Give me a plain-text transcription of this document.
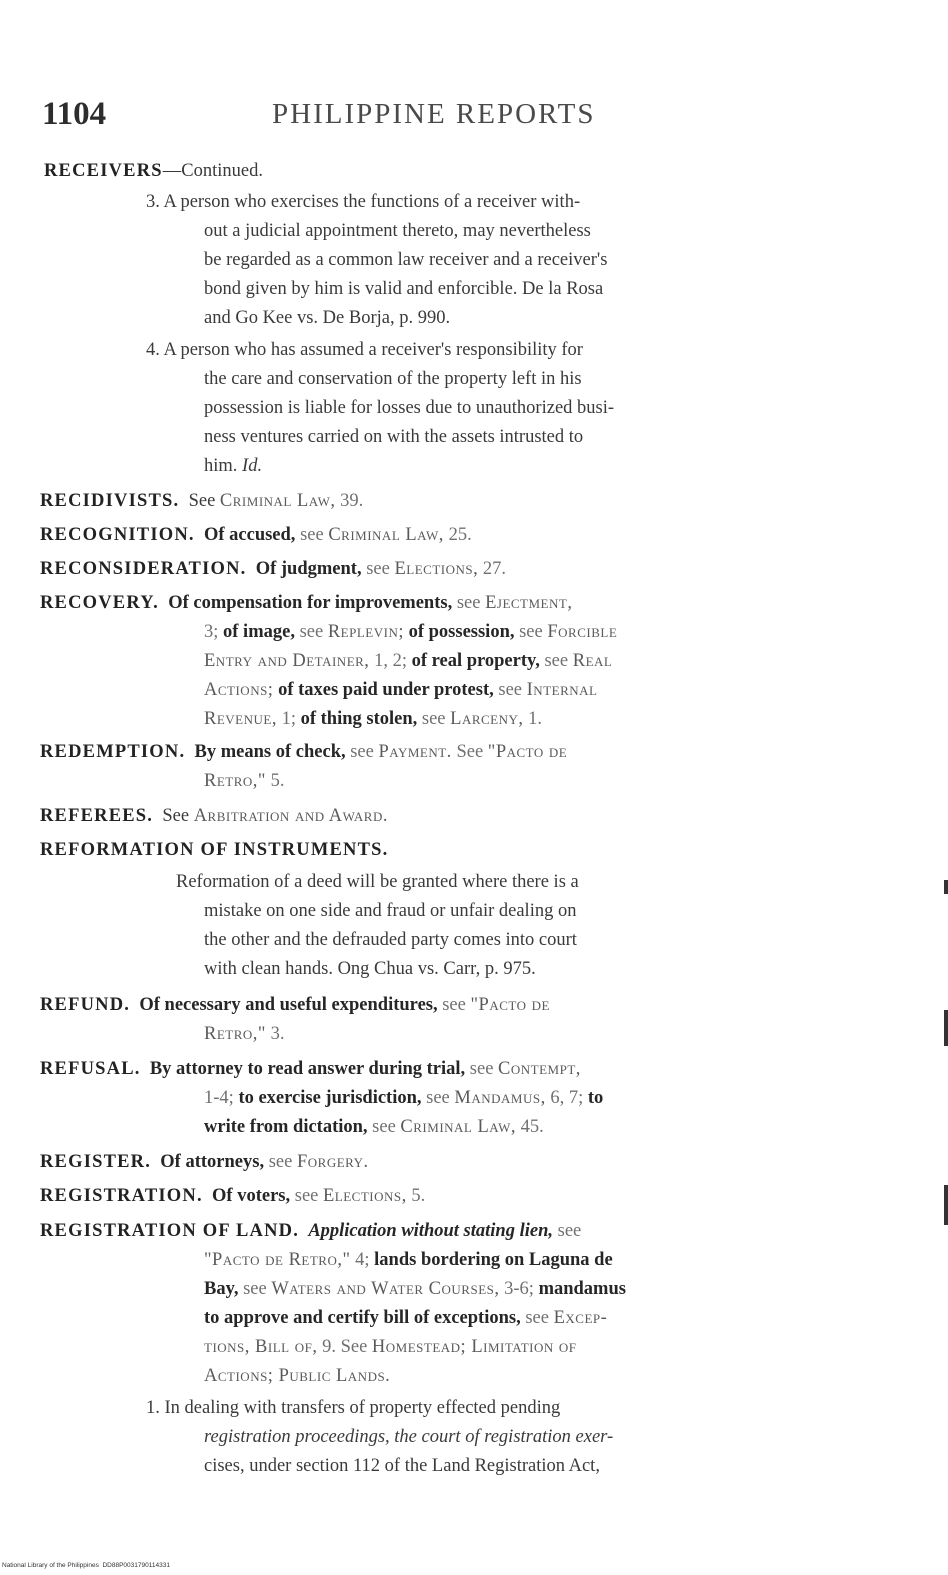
1104	PHILIPPINE REPORTS
RECEIVERS—Continued.
3. A person who exercises the functions of a receiver with-
out a judicial appointment thereto, may nevertheless
be regarded as a common law receiver and a receiver's
bond given by him is valid and enforcible. De la Rosa
and Go Kee vs. De Borja, p. 990.
4. A person who has assumed a receiver's responsibility for
the care and conservation of the property left in his
possession is liable for losses due to unauthorized busi-
ness ventures carried on with the assets intrusted to
him. Id.
RECIDIVISTS. See Criminal Law, 39.
RECOGNITION. Of accused, see Criminal Law, 25.
RECONSIDERATION. Of judgment, see Elections, 27.
RECOVERY. Of compensation for improvements, see Ejectment,
3; of image, see Replevin; of possession, see Forcible
Entry and Detainer, 1, 2; of real property, see Real
Actions; of taxes paid under protest, see Internal
Revenue, 1; of thing stolen, see Larceny, 1.
REDEMPTION. By means of check, see Payment. See "Pacto de
Retro," 5.
REFEREES. See Arbitration and Award.
REFORMATION OF INSTRUMENTS.
Reformation of a deed will be granted where there is a
mistake on one side and fraud or unfair dealing on
the other and the defrauded party comes into court
with clean hands. Ong Chua vs. Carr, p. 975.
REFUND. Of necessary and useful expenditures, see "Pacto de
Retro," 3.
REFUSAL. By attorney to read answer during trial, see Contempt,
1-4; to exercise jurisdiction, see Mandamus, 6, 7; to
write from dictation, see Criminal Law, 45.
REGISTER. Of attorneys, see Forgery.
REGISTRATION. Of voters, see Elections, 5.
REGISTRATION OF LAND. Application without stating lien, see
"Pacto de Retro," 4; lands bordering on Laguna de
Bay, see Waters and Water Courses, 3-6; mandamus
to approve and certify bill of exceptions, see Excep-
tions, Bill of, 9. See Homestead; Limitation of
Actions; Public Lands.
1. In dealing with transfers of property effected pending
registration proceedings, the court of registration exer-
cises, under section 112 of the Land Registration Act,
National Library of the Philippines DD88P0031790114331
